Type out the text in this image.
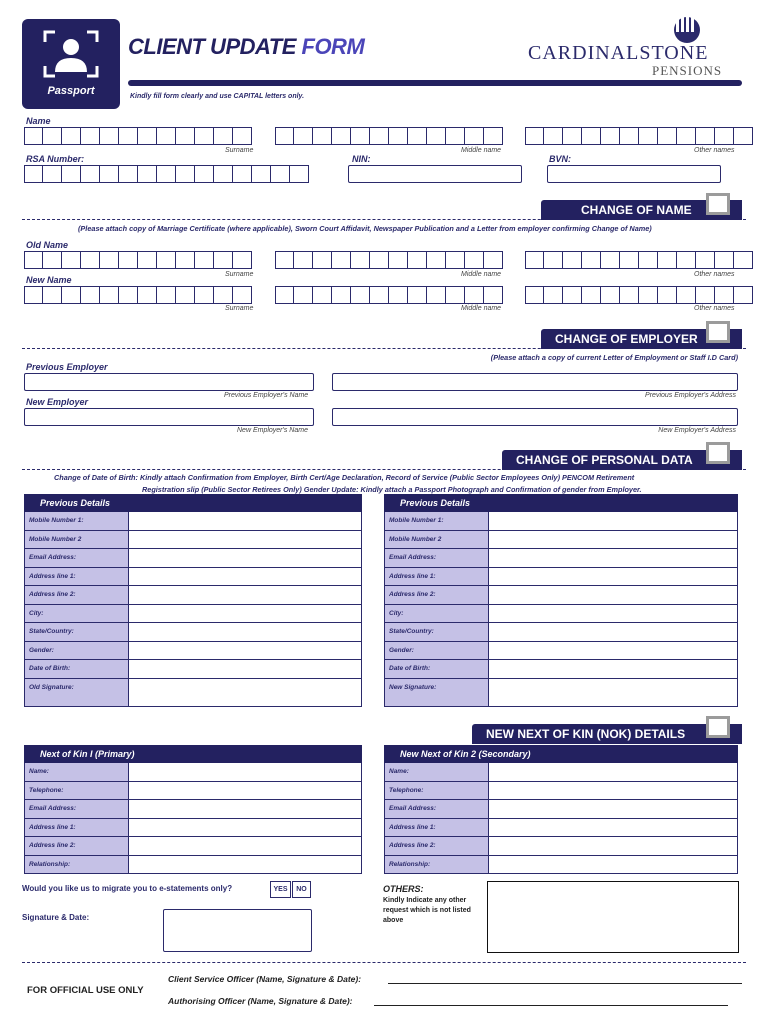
Passport
CLIENT UPDATE FORM
Kindly fill form clearly and use CAPITAL letters only.
CARDINALSTONE
PENSIONS
Name
Surname	Middle name	Other names
RSA Number:	NIN:	BVN:
CHANGE OF NAME
(Please attach copy of Marriage Certificate (where applicable), Sworn Court Affidavit, Newspaper Publication and a Letter from employer confirming Change of Name)
Old Name
Surname	Middle name	Other names
New Name
Surname	Middle name	Other names
CHANGE OF EMPLOYER
(Please attach a copy of current Letter of Employment or Staff I.D Card)
Previous Employer
Previous Employer's Name	Previous Employer's Address
New Employer
New Employer's Name	New Employer's Address
CHANGE OF PERSONAL DATA
Change of Date of Birth: Kindly attach Confirmation from Employer, Birth Cert/Age Declaration, Record of Service (Public Sector Employees Only) PENCOM Retirement
Registration slip (Public Sector Retirees Only) Gender Update: Kindly attach a Passport Photograph and Confirmation of gender from Employer.
Previous Details
Mobile Number 1:
Mobile Number 2
Email Address:
Address line 1:
Address line 2:
City:
State/Country:
Gender:
Date of Birth:
Old Signature:
Previous Details
Mobile Number 1:
Mobile Number 2
Email Address:
Address line 1:
Address line 2:
City:
State/Country:
Gender:
Date of Birth:
New Signature:
NEW NEXT OF KIN (NOK) DETAILS
Next of Kin I (Primary)
Name:
Telephone:
Email Address:
Address line 1:
Address line 2:
Relationship:
New Next of Kin 2 (Secondary)
Name:
Telephone:
Email Address:
Address line 1:
Address line 2:
Relationship:
Would you like us to migrate you to e-statements only?	YES	NO
Signature & Date:
OTHERS:
Kindly Indicate any other request which is not listed above
FOR OFFICIAL USE ONLY
Client Service Officer (Name, Signature & Date):
Authorising Officer (Name, Signature & Date):
